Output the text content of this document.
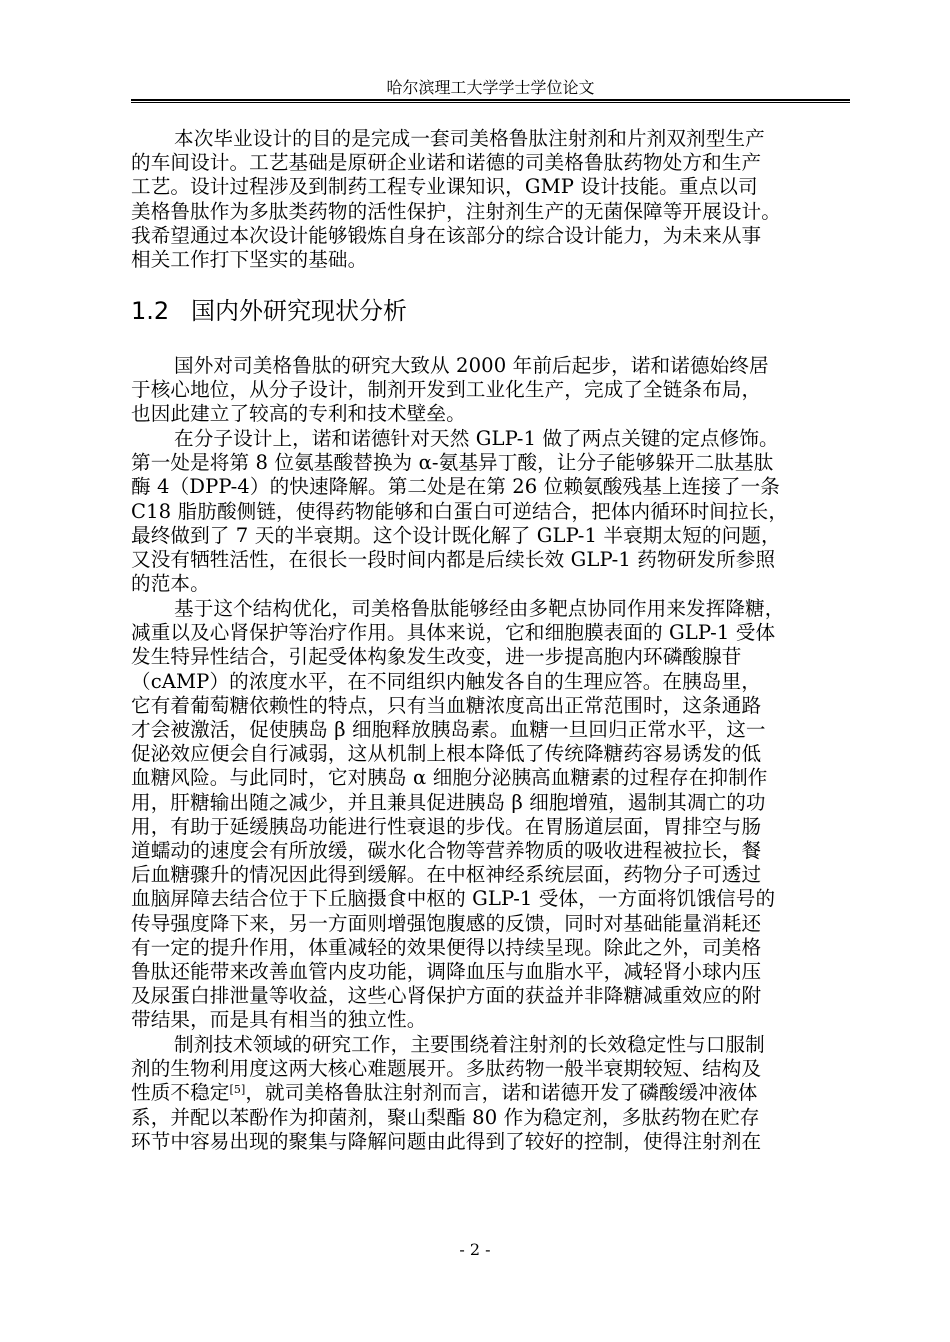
哈尔滨理工大学学士学位论文
本次毕业设计的目的是完成一套司美格鲁肽注射剂和片剂双剂型生产
的车间设计。工艺基础是原研企业诺和诺德的司美格鲁肽药物处方和生产
工艺。设计过程涉及到制药工程专业课知识，GMP 设计技能。重点以司
美格鲁肽作为多肽类药物的活性保护，注射剂生产的无菌保障等开展设计。
我希望通过本次设计能够锻炼自身在该部分的综合设计能力，为未来从事
相关工作打下坚实的基础。
1.2 国内外研究现状分析
国外对司美格鲁肽的研究大致从 2000 年前后起步，诺和诺德始终居
于核心地位，从分子设计，制剂开发到工业化生产，完成了全链条布局，
也因此建立了较高的专利和技术壁垒。
在分子设计上，诺和诺德针对天然 GLP-1 做了两点关键的定点修饰。
第一处是将第 8 位氨基酸替换为 α-氨基异丁酸，让分子能够躲开二肽基肽
酶 4（DPP-4）的快速降解。第二处是在第 26 位赖氨酸残基上连接了一条
C18 脂肪酸侧链，使得药物能够和白蛋白可逆结合，把体内循环时间拉长，
最终做到了 7 天的半衰期。这个设计既化解了 GLP-1 半衰期太短的问题，
又没有牺牲活性，在很长一段时间内都是后续长效 GLP-1 药物研发所参照
的范本。
基于这个结构优化，司美格鲁肽能够经由多靶点协同作用来发挥降糖，
减重以及心肾保护等治疗作用。具体来说，它和细胞膜表面的 GLP-1 受体
发生特异性结合，引起受体构象发生改变，进一步提高胞内环磷酸腺苷
（cAMP）的浓度水平，在不同组织内触发各自的生理应答。在胰岛里，
它有着葡萄糖依赖性的特点，只有当血糖浓度高出正常范围时，这条通路
才会被激活，促使胰岛 β 细胞释放胰岛素。血糖一旦回归正常水平，这一
促泌效应便会自行减弱，这从机制上根本降低了传统降糖药容易诱发的低
血糖风险。与此同时，它对胰岛 α 细胞分泌胰高血糖素的过程存在抑制作
用，肝糖输出随之减少，并且兼具促进胰岛 β 细胞增殖，遏制其凋亡的功
用，有助于延缓胰岛功能进行性衰退的步伐。在胃肠道层面，胃排空与肠
道蠕动的速度会有所放缓，碳水化合物等营养物质的吸收进程被拉长，餐
后血糖骤升的情况因此得到缓解。在中枢神经系统层面，药物分子可透过
血脑屏障去结合位于下丘脑摄食中枢的 GLP-1 受体，一方面将饥饿信号的
传导强度降下来，另一方面则增强饱腹感的反馈，同时对基础能量消耗还
有一定的提升作用，体重减轻的效果便得以持续呈现。除此之外，司美格
鲁肽还能带来改善血管内皮功能，调降血压与血脂水平，减轻肾小球内压
及尿蛋白排泄量等收益，这些心肾保护方面的获益并非降糖减重效应的附
带结果，而是具有相当的独立性。
制剂技术领域的研究工作，主要围绕着注射剂的长效稳定性与口服制
剂的生物利用度这两大核心难题展开。多肽药物一般半衰期较短、结构及
性质不稳定[5]，就司美格鲁肽注射剂而言，诺和诺德开发了磷酸缓冲液体
系，并配以苯酚作为抑菌剂，聚山梨酯 80 作为稳定剂，多肽药物在贮存
环节中容易出现的聚集与降解问题由此得到了较好的控制，使得注射剂在
- 2 -
